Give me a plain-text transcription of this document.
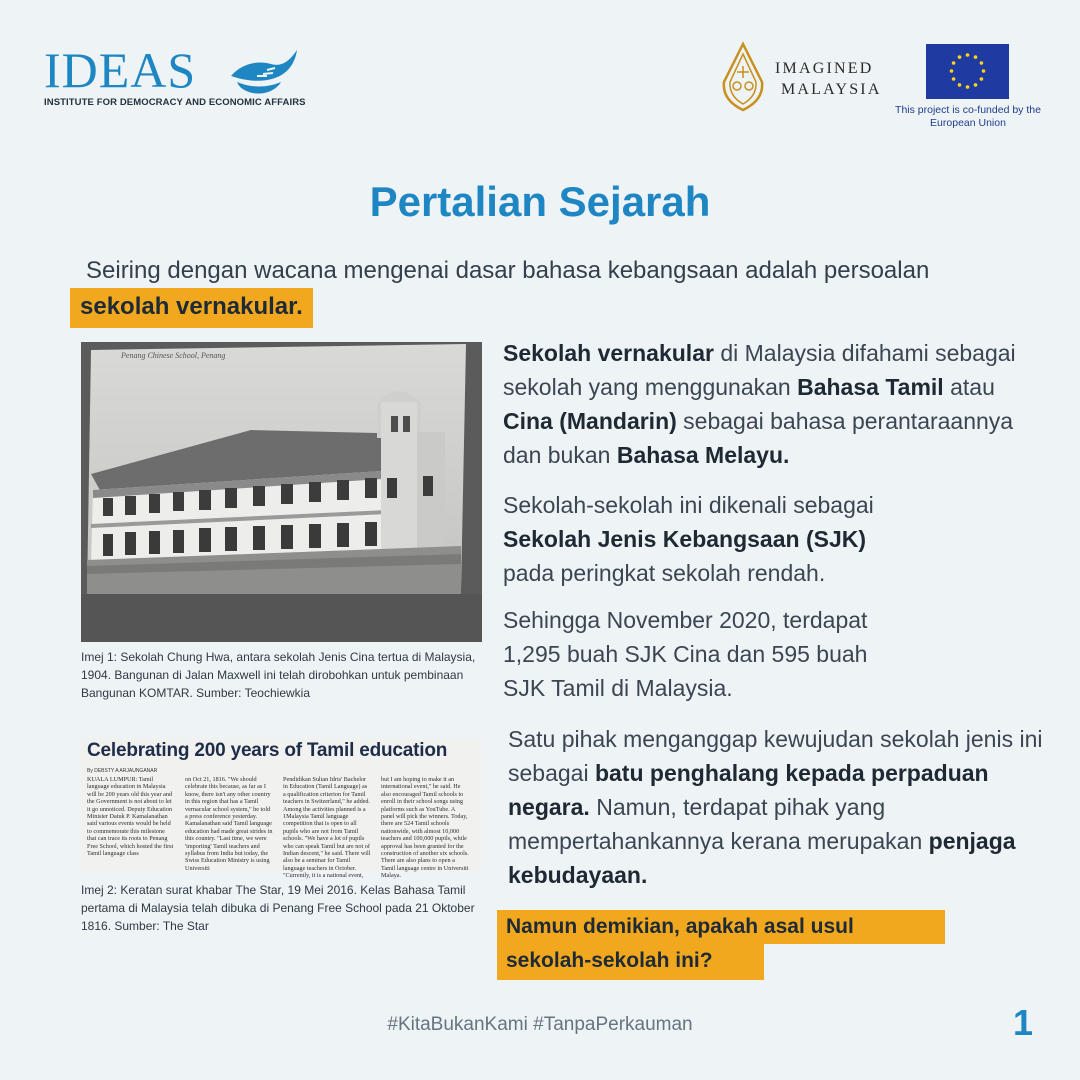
IDEAS
INSTITUTE FOR DEMOCRACY AND ECONOMIC AFFAIRS
IMAGINED
MALAYSIA
This project is co-funded by the European Union
Pertalian Sejarah
Seiring dengan wacana mengenai dasar bahasa kebangsaan adalah persoalan
sekolah vernakular.
Penang Chinese School, Penang
Imej 1: Sekolah Chung Hwa, antara sekolah Jenis Cina tertua di Malaysia, 1904. Bangunan di Jalan Maxwell ini telah dirobohkan untuk pembinaan Bangunan KOMTAR. Sumber: Teochiewkia
Celebrating 200 years of Tamil education
By DEBSTY A ARJAUNGANAR
KUALA LUMPUR: Tamil language education in Malaysia will be 200 years old this year and the Government is not about to let it go unnoticed. Deputy Education Minister Datuk P. Kamalanathan said various events would be held to commemorate this milestone that can trace its roots to Penang Free School, which hosted the first Tamil language class
on Oct 21, 1816. "We should celebrate this because, as far as I know, there isn't any other country in this region that has a Tamil vernacular school system," he told a press conference yesterday. Kamalanathan said Tamil language education had made great strides in this country. "Last time, we were 'importing' Tamil teachers and syllabus from India but today, the Swiss Education Ministry is using Universiti
Pendidikan Sultan Idris' Bachelor in Education (Tamil Language) as a qualification criterion for Tamil teachers in Switzerland," he added. Among the activities planned is a 1Malaysia Tamil language competition that is open to all pupils who are not from Tamil schools. "We have a lot of pupils who can speak Tamil but are not of Indian descent," he said. There will also be a seminar for Tamil language teachers in October. "Currently, it is a national event,
but I am hoping to make it an international event," he said. He also encouraged Tamil schools to enroll in their school songs using platforms such as YouTube. A panel will pick the winners. Today, there are 524 Tamil schools nationwide, with almost 10,000 teachers and 100,000 pupils, while approval has been granted for the construction of another six schools. There are also plans to open a Tamil language centre in Universiti Malaya.
Imej 2: Keratan surat khabar The Star, 19 Mei 2016. Kelas Bahasa Tamil pertama di Malaysia telah dibuka di Penang Free School pada 21 Oktober 1816. Sumber: The Star
Sekolah vernakular di Malaysia difahami sebagai sekolah yang menggunakan Bahasa Tamil atau Cina (Mandarin) sebagai bahasa perantaraannya dan bukan Bahasa Melayu.
Sekolah-sekolah ini dikenali sebagai
Sekolah Jenis Kebangsaan (SJK)
pada peringkat sekolah rendah.
Sehingga November 2020, terdapat
1,295 buah SJK Cina dan 595 buah
SJK Tamil di Malaysia.
Satu pihak menganggap kewujudan sekolah jenis ini sebagai batu penghalang kepada perpaduan negara. Namun, terdapat pihak yang mempertahankannya kerana merupakan penjaga kebudayaan.
Namun demikian, apakah asal usul
sekolah-sekolah ini?
#KitaBukanKami #TanpaPerkauman	1
